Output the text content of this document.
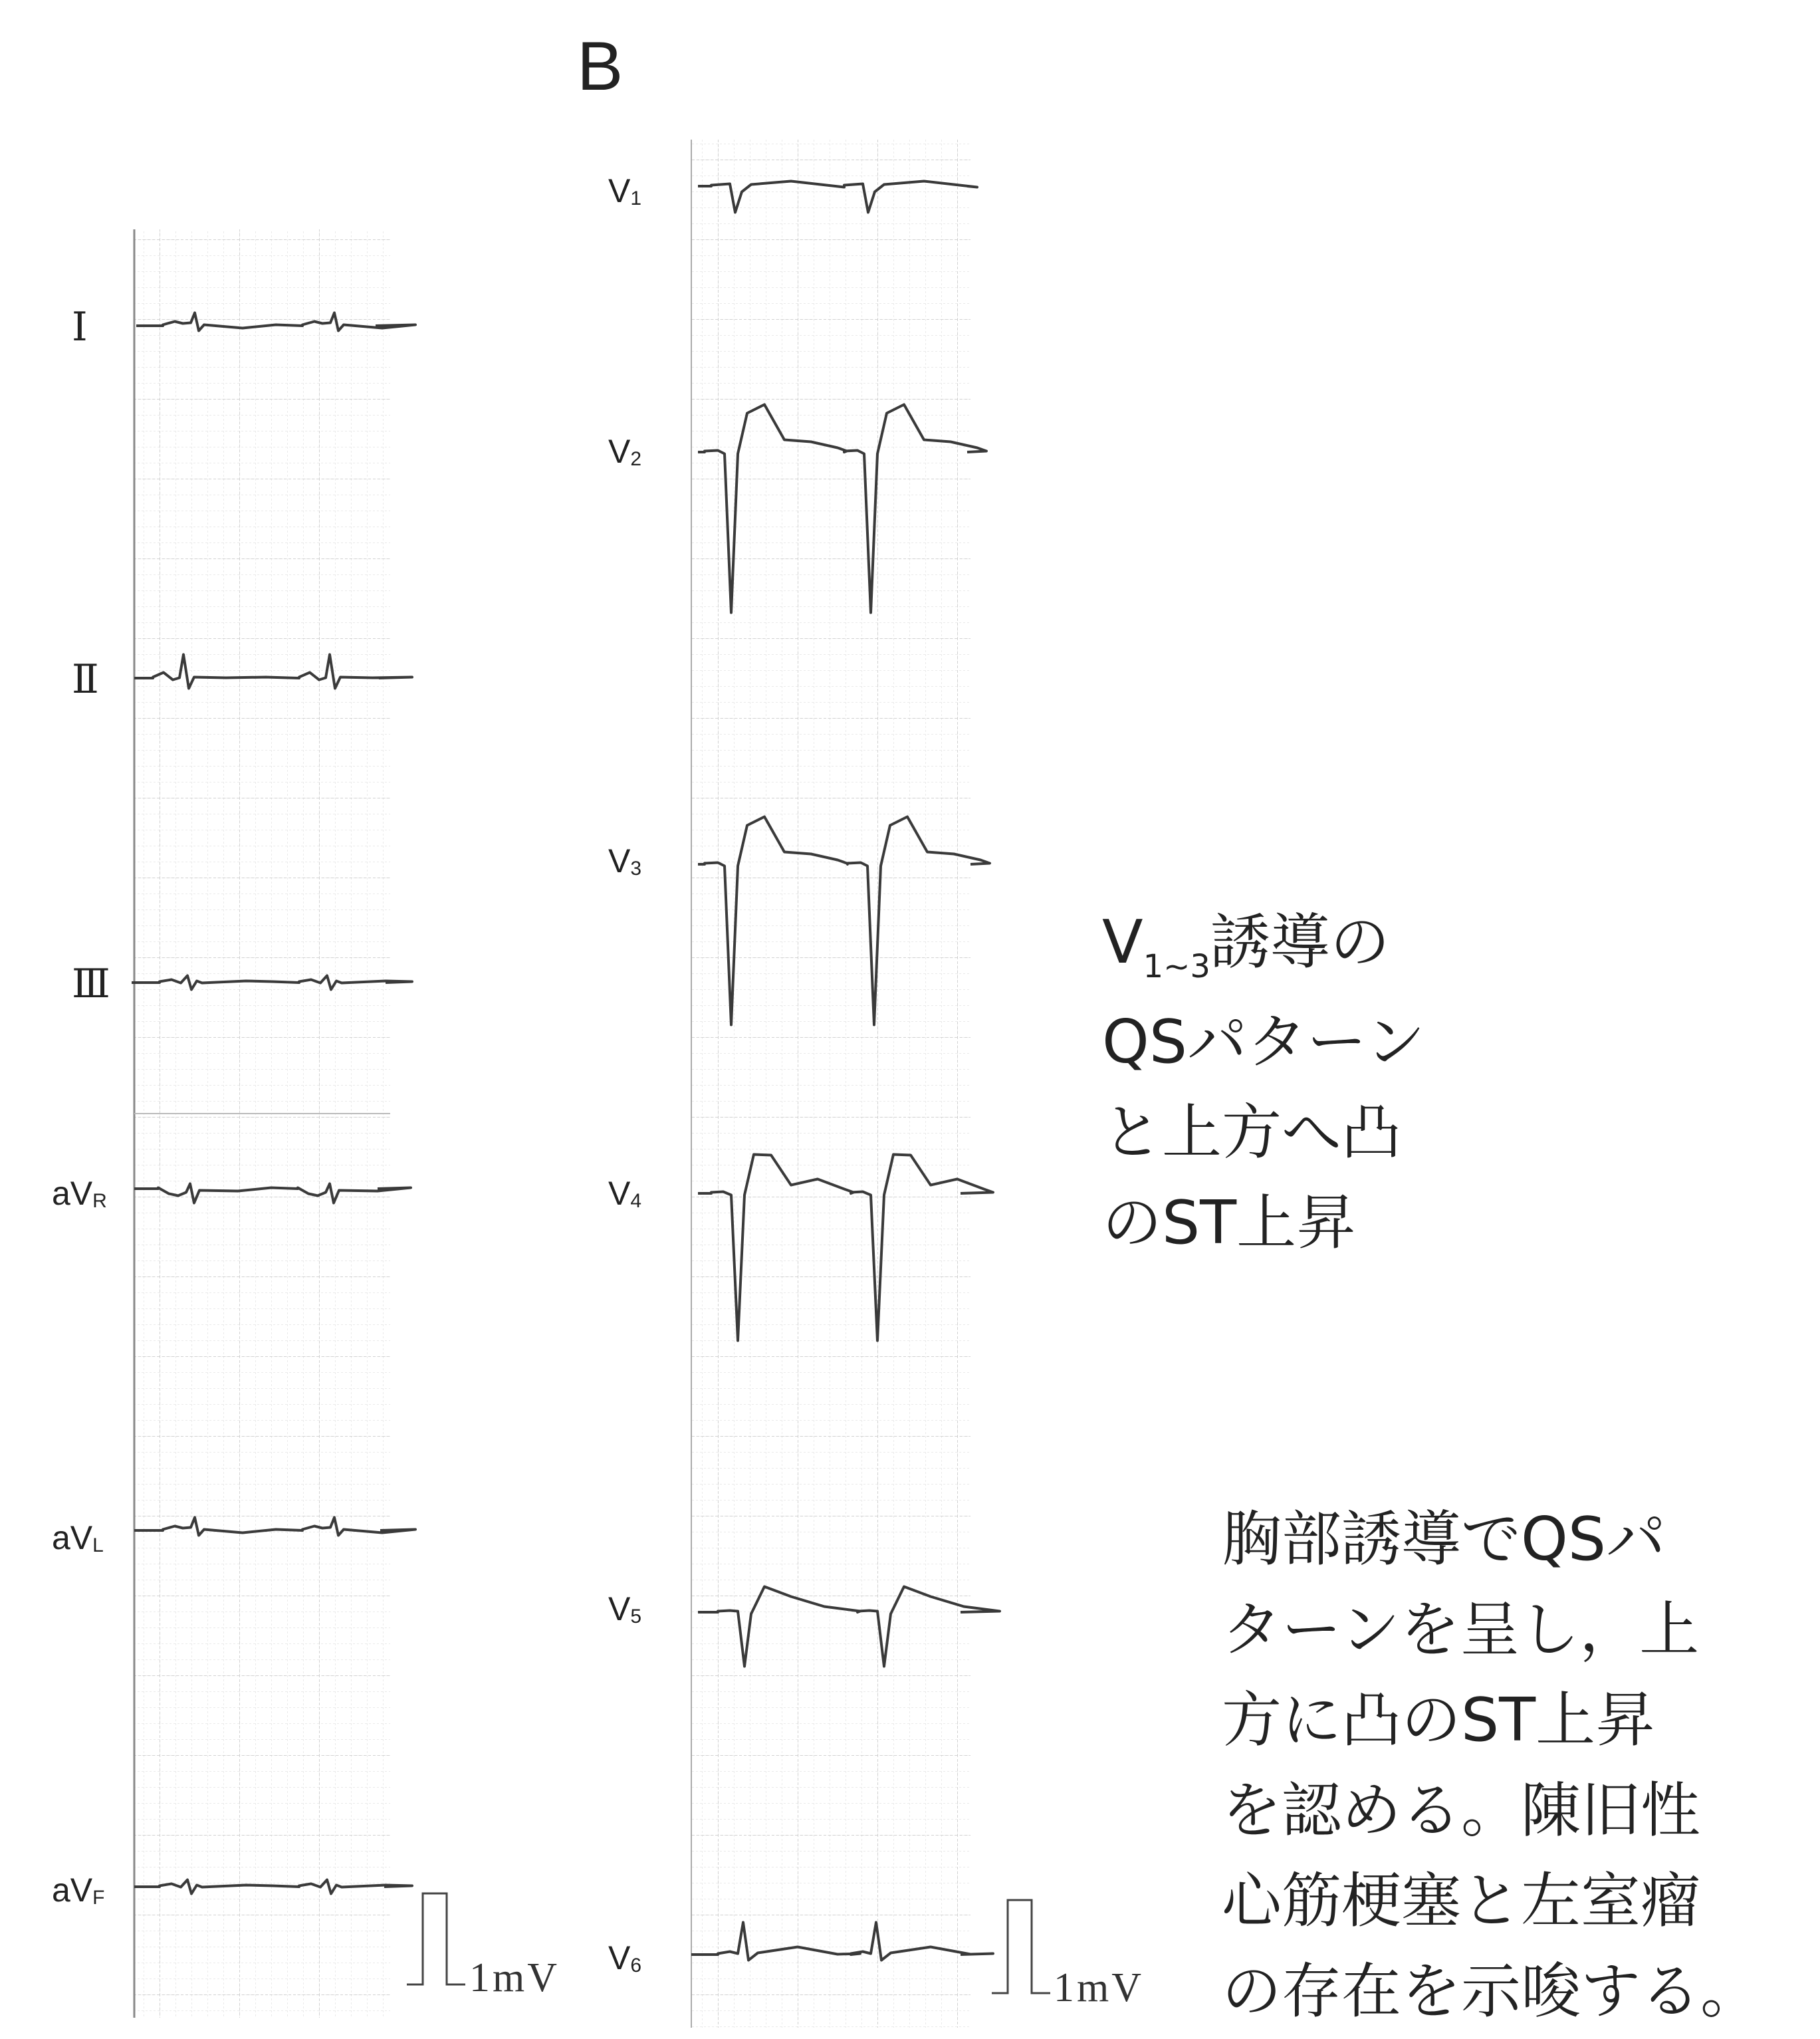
B
Ⅰ
Ⅱ
Ⅲ
$aV_R$
$aV_L$
$aV_F$
$V_1$
$V_2$
$V_3$
$V_4$
$V_5$
$V_6$
1mV	1mV
$V_{1\sim 3}$誘導の
QSパターン
と上方へ凸
のST上昇
胸部誘導でQSパ
ターンを呈し，上
方に凸のST上昇
を認める。陳旧性
心筋梗塞と左室瘤
の存在を示唆する。
